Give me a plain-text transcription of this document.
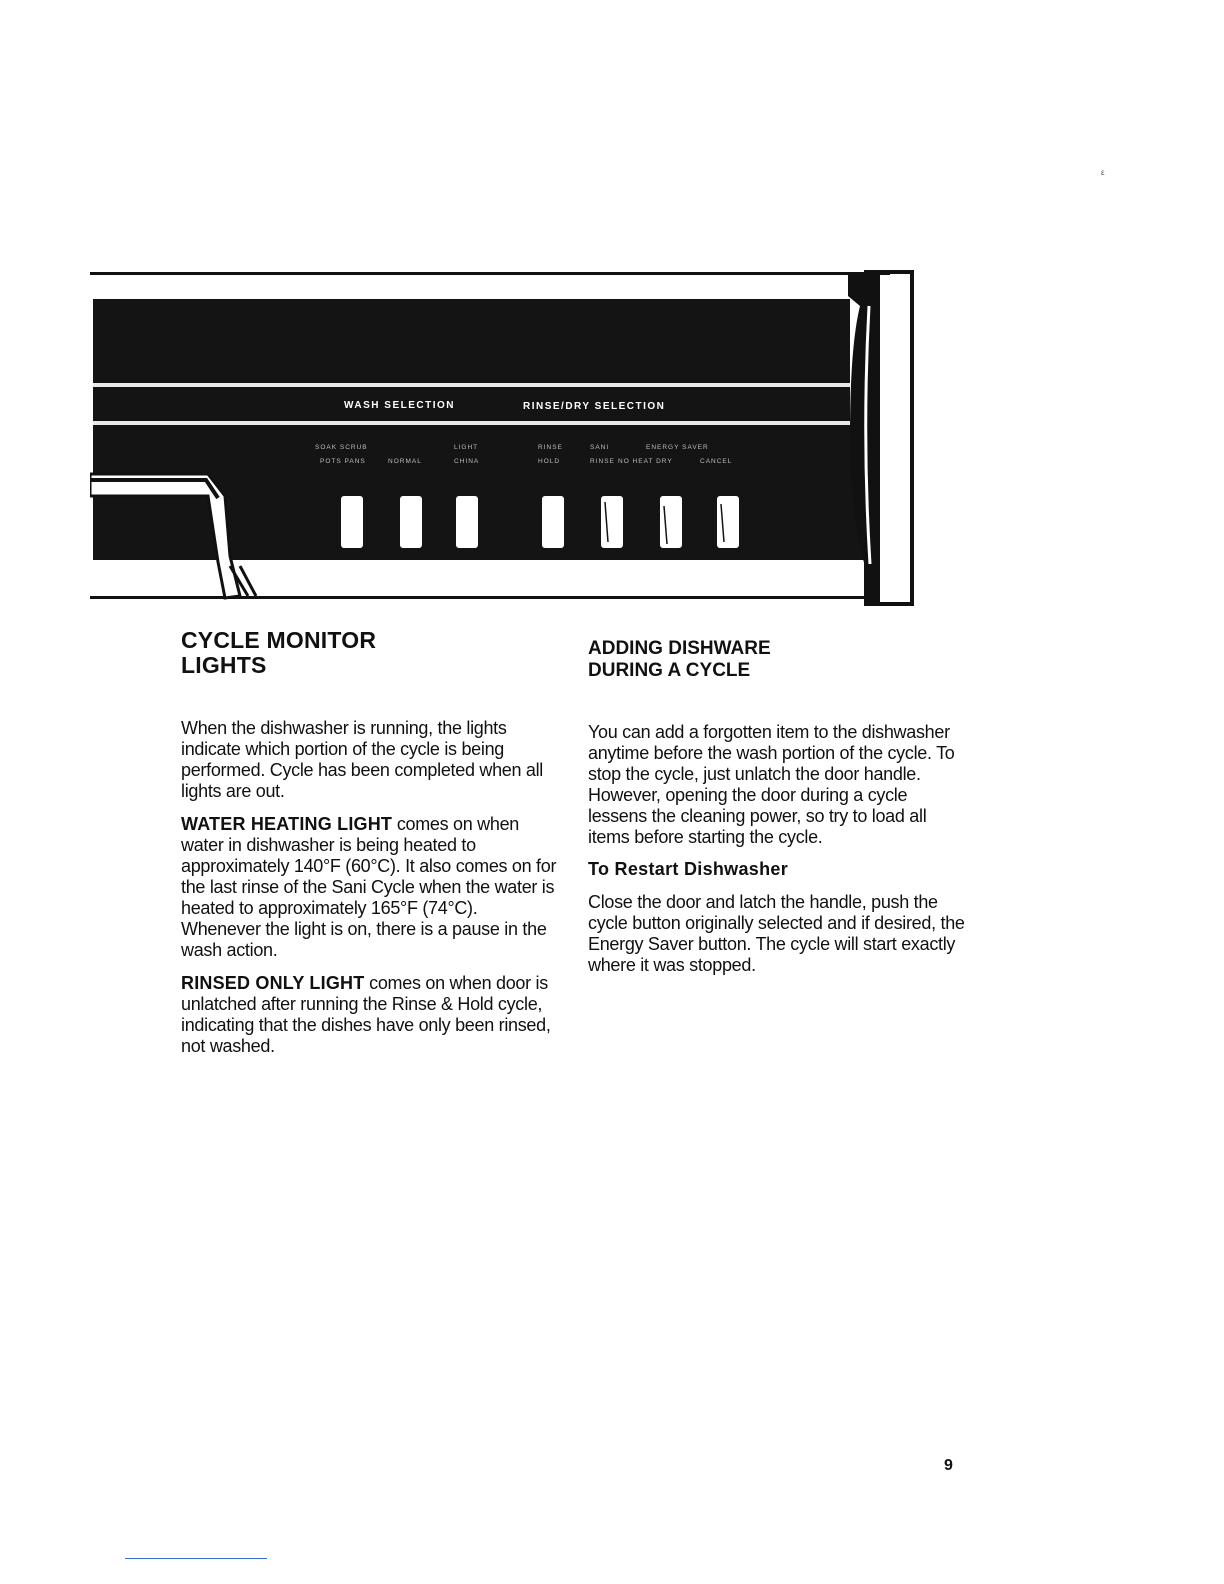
ε
WASH SELECTION	RINSE/DRY SELECTION
SOAK SCRUB
POTS PANS	NORMAL
LIGHT
CHINA
RINSE
HOLD
SANI
RINSE
ENERGY SAVER
NO HEAT DRY	CANCEL
CYCLE MONITOR
LIGHTS

When the dishwasher is running, the lights indicate which portion of the cycle is being performed. Cycle has been completed when all lights are out.

WATER HEATING LIGHT comes on when water in dishwasher is being heated to approximately 140°F (60°C). It also comes on for the last rinse of the Sani Cycle when the water is heated to approximately 165°F (74°C). Whenever the light is on, there is a pause in the wash action.

RINSED ONLY LIGHT comes on when door is unlatched after running the Rinse & Hold cycle, indicating that the dishes have only been rinsed, not washed.

ADDING DISHWARE
DURING A CYCLE

You can add a forgotten item to the dishwasher anytime before the wash portion of the cycle. To stop the cycle, just unlatch the door handle. However, opening the door during a cycle lessens the cleaning power, so try to load all items before starting the cycle.

To Restart Dishwasher

Close the door and latch the handle, push the cycle button originally selected and if desired, the Energy Saver button. The cycle will start exactly where it was stopped.

9
